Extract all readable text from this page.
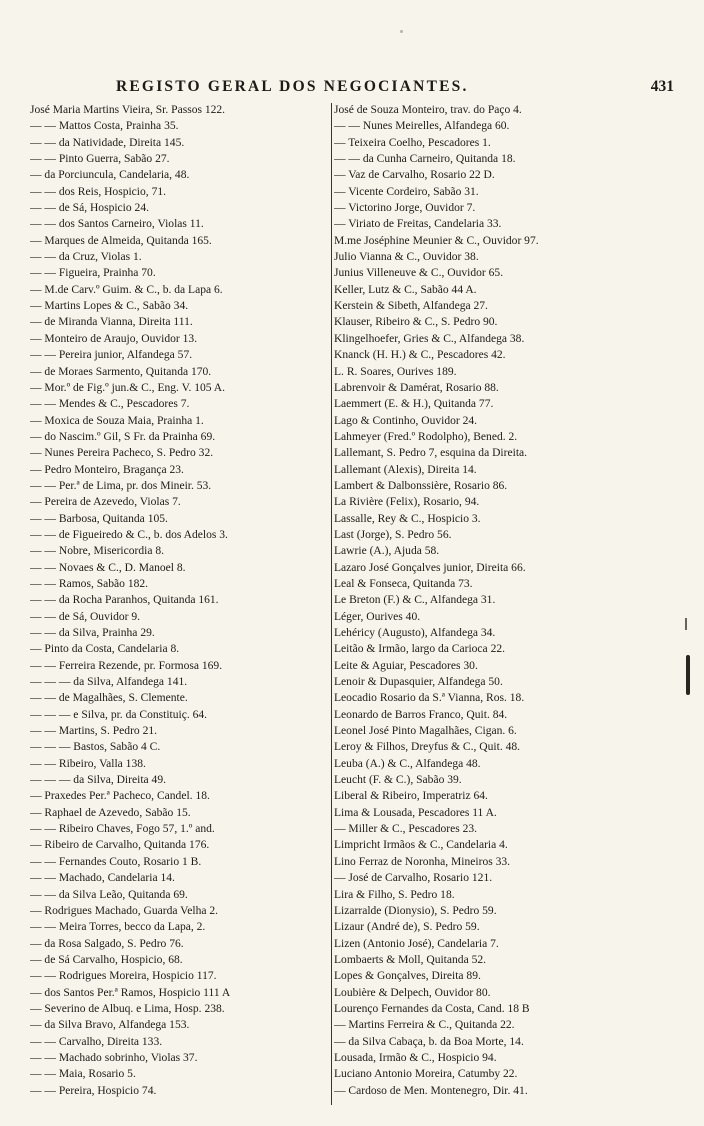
REGISTO GERAL DOS NEGOCIANTES.	431
José Maria Martins Vieira, Sr. Passos 122.
— — Mattos Costa, Prainha 35.
— — da Natividade, Direita 145.
— — Pinto Guerra, Sabão 27.
— da Porciuncula, Candelaria, 48.
— — dos Reis, Hospicio, 71.
— — de Sá, Hospicio 24.
— — dos Santos Carneiro, Violas 11.
— Marques de Almeida, Quitanda 165.
— — da Cruz, Violas 1.
— — Figueira, Prainha 70.
— M.de Carv.º Guim. & C., b. da Lapa 6.
— Martins Lopes & C., Sabão 34.
— de Miranda Vianna, Direita 111.
— Monteiro de Araujo, Ouvidor 13.
— — Pereira junior, Alfandega 57.
— de Moraes Sarmento, Quitanda 170.
— Mor.º de Fig.º jun.& C., Eng. V. 105 A.
— — Mendes & C., Pescadores 7.
— Moxica de Souza Maia, Prainha 1.
— do Nascim.º Gil, S Fr. da Prainha 69.
— Nunes Pereira Pacheco, S. Pedro 32.
— Pedro Monteiro, Bragança 23.
— — Per.ª de Lima, pr. dos Mineir. 53.
— Pereira de Azevedo, Violas 7.
— — Barbosa, Quitanda 105.
— — de Figueiredo & C., b. dos Adelos 3.
— — Nobre, Misericordia 8.
— — Novaes & C., D. Manoel 8.
— — Ramos, Sabão 182.
— — da Rocha Paranhos, Quitanda 161.
— — de Sá, Ouvidor 9.
— — da Silva, Prainha 29.
— Pinto da Costa, Candelaria 8.
— — Ferreira Rezende, pr. Formosa 169.
— — — da Silva, Alfandega 141.
— — de Magalhães, S. Clemente.
— — — e Silva, pr. da Constituiç. 64.
— — Martins, S. Pedro 21.
— — — Bastos, Sabão 4 C.
— — Ribeiro, Valla 138.
— — — da Silva, Direita 49.
— Praxedes Per.ª Pacheco, Candel. 18.
— Raphael de Azevedo, Sabão 15.
— — Ribeiro Chaves, Fogo 57, 1.º and.
— Ribeiro de Carvalho, Quitanda 176.
— — Fernandes Couto, Rosario 1 B.
— — Machado, Candelaria 14.
— — da Silva Leão, Quitanda 69.
— Rodrigues Machado, Guarda Velha 2.
— — Meira Torres, becco da Lapa, 2.
— da Rosa Salgado, S. Pedro 76.
— de Sá Carvalho, Hospicio, 68.
— — Rodrigues Moreira, Hospicio 117.
— dos Santos Per.ª Ramos, Hospicio 111 A
— Severino de Albuq. e Lima, Hosp. 238.
— da Silva Bravo, Alfandega 153.
— — Carvalho, Direita 133.
— — Machado sobrinho, Violas 37.
— — Maia, Rosario 5.
— — Pereira, Hospicio 74.
José de Souza Monteiro, trav. do Paço 4.
— — Nunes Meirelles, Alfandega 60.
— Teixeira Coelho, Pescadores 1.
— — da Cunha Carneiro, Quitanda 18.
— Vaz de Carvalho, Rosario 22 D.
— Vicente Cordeiro, Sabão 31.
— Victorino Jorge, Ouvidor 7.
— Viriato de Freitas, Candelaria 33.
M.me Joséphine Meunier & C., Ouvidor 97.
Julio Vianna & C., Ouvidor 38.
Junius Villeneuve & C., Ouvidor 65.
Keller, Lutz & C., Sabão 44 A.
Kerstein & Sibeth, Alfandega 27.
Klauser, Ribeiro & C., S. Pedro 90.
Klingelhoefer, Gries & C., Alfandega 38.
Knanck (H. H.) & C., Pescadores 42.
L. R. Soares, Ourives 189.
Labrenvoir & Damérat, Rosario 88.
Laemmert (E. & H.), Quitanda 77.
Lago & Continho, Ouvidor 24.
Lahmeyer (Fred.º Rodolpho), Bened. 2.
Lallemant, S. Pedro 7, esquina da Direita.
Lallemant (Alexis), Direita 14.
Lambert & Dalbonssière, Rosario 86.
La Rivière (Felix), Rosario, 94.
Lassalle, Rey & C., Hospicio 3.
Last (Jorge), S. Pedro 56.
Lawrie (A.), Ajuda 58.
Lazaro José Gonçalves junior, Direita 66.
Leal & Fonseca, Quitanda 73.
Le Breton (F.) & C., Alfandega 31.
Léger, Ourives 40.
Lehéricy (Augusto), Alfandega 34.
Leitão & Irmão, largo da Carioca 22.
Leite & Aguiar, Pescadores 30.
Lenoir & Dupasquier, Alfandega 50.
Leocadio Rosario da S.ª Vianna, Ros. 18.
Leonardo de Barros Franco, Quit. 84.
Leonel José Pinto Magalhães, Cigan. 6.
Leroy & Filhos, Dreyfus & C., Quit. 48.
Leuba (A.) & C., Alfandega 48.
Leucht (F. & C.), Sabão 39.
Liberal & Ribeiro, Imperatriz 64.
Lima & Lousada, Pescadores 11 A.
— Miller & C., Pescadores 23.
Limpricht Irmãos & C., Candelaria 4.
Lino Ferraz de Noronha, Mineiros 33.
— José de Carvalho, Rosario 121.
Lira & Filho, S. Pedro 18.
Lizarralde (Dionysio), S. Pedro 59.
Lizaur (André de), S. Pedro 59.
Lizen (Antonio José), Candelaria 7.
Lombaerts & Moll, Quitanda 52.
Lopes & Gonçalves, Direita 89.
Loubière & Delpech, Ouvidor 80.
Lourenço Fernandes da Costa, Cand. 18 B
— Martins Ferreira & C., Quitanda 22.
— da Silva Cabaça, b. da Boa Morte, 14.
Lousada, Irmão & C., Hospicio 94.
Luciano Antonio Moreira, Catumby 22.
— Cardoso de Men. Montenegro, Dir. 41.
